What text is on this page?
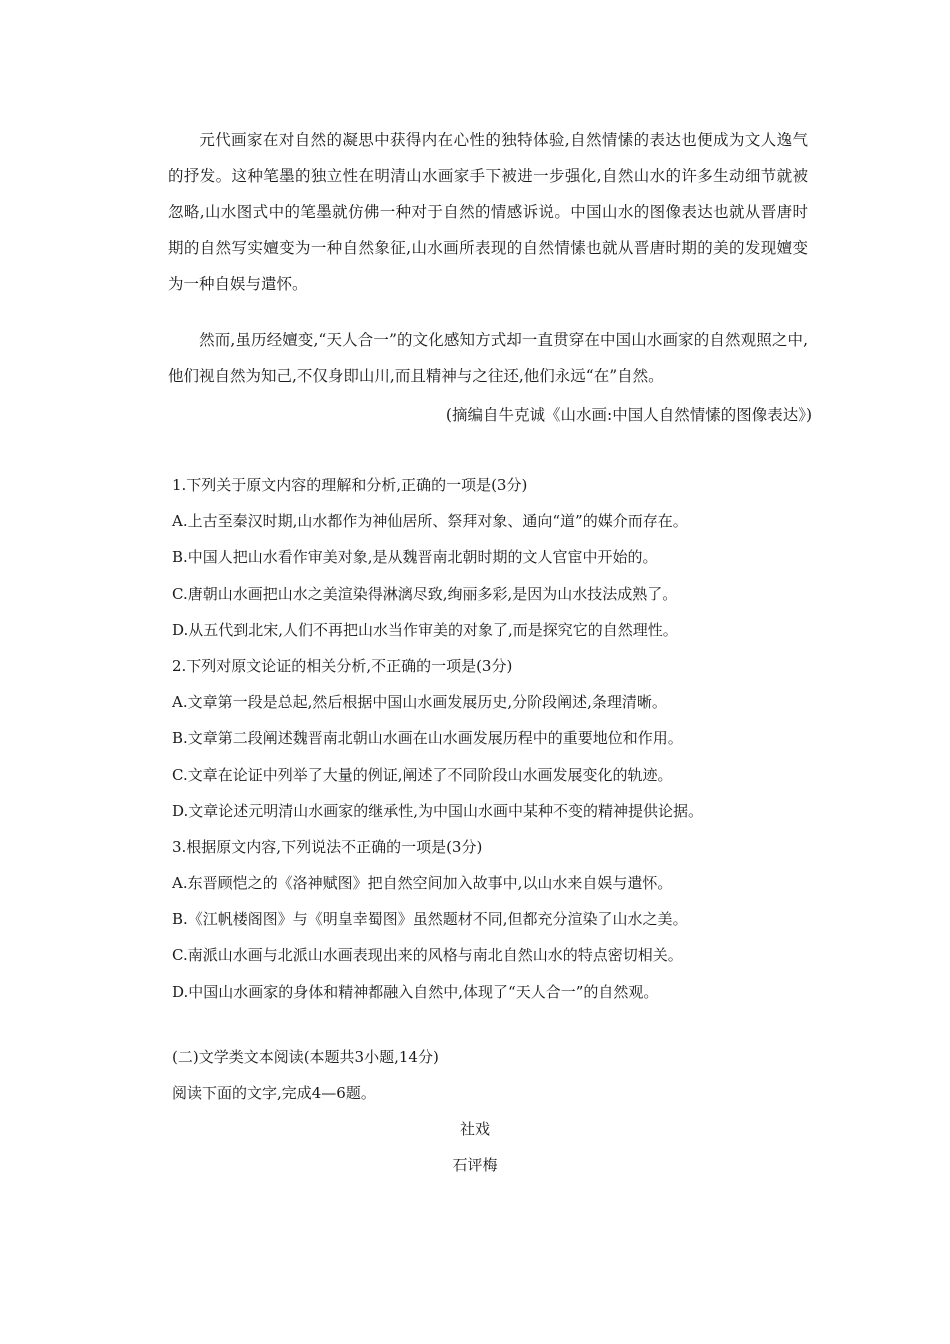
元代画家在对自然的凝思中获得内在心性的独特体验,自然情愫的表达也便成为文人逸气的抒发。这种笔墨的独立性在明清山水画家手下被进一步强化,自然山水的许多生动细节就被忽略,山水图式中的笔墨就仿佛一种对于自然的情感诉说。中国山水的图像表达也就从晋唐时期的自然写实嬗变为一种自然象征,山水画所表现的自然情愫也就从晋唐时期的美的发现嬗变为一种自娱与遣怀。

然而,虽历经嬗变,“天人合一”的文化感知方式却一直贯穿在中国山水画家的自然观照之中,他们视自然为知己,不仅身即山川,而且精神与之往还,他们永远“在”自然。

(摘编自牛克诚《山水画:中国人自然情愫的图像表达》)

1.下列关于原文内容的理解和分析,正确的一项是(3分)

A.上古至秦汉时期,山水都作为神仙居所、祭拜对象、通向“道”的媒介而存在。

B.中国人把山水看作审美对象,是从魏晋南北朝时期的文人官宦中开始的。

C.唐朝山水画把山水之美渲染得淋漓尽致,绚丽多彩,是因为山水技法成熟了。

D.从五代到北宋,人们不再把山水当作审美的对象了,而是探究它的自然理性。

2.下列对原文论证的相关分析,不正确的一项是(3分)

A.文章第一段是总起,然后根据中国山水画发展历史,分阶段阐述,条理清晰。

B.文章第二段阐述魏晋南北朝山水画在山水画发展历程中的重要地位和作用。

C.文章在论证中列举了大量的例证,阐述了不同阶段山水画发展变化的轨迹。

D.文章论述元明清山水画家的继承性,为中国山水画中某种不变的精神提供论据。

3.根据原文内容,下列说法不正确的一项是(3分)

A.东晋顾恺之的《洛神赋图》把自然空间加入故事中,以山水来自娱与遣怀。

B.《江帆楼阁图》与《明皇幸蜀图》虽然题材不同,但都充分渲染了山水之美。

C.南派山水画与北派山水画表现出来的风格与南北自然山水的特点密切相关。

D.中国山水画家的身体和精神都融入自然中,体现了“天人合一”的自然观。

(二)文学类文本阅读(本题共3小题,14分)

阅读下面的文字,完成4—6题。

社戏

石评梅
